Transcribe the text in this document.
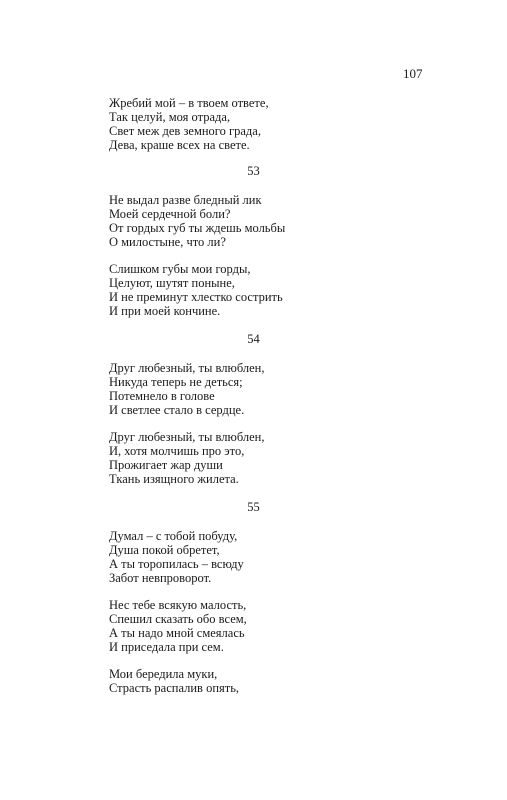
107
Жребий мой – в твоем ответе,
Так целуй, моя отрада,
Свет меж дев земного града,
Дева, краше всех на свете.
53
Не выдал разве бледный лик
Моей сердечной боли?
От гордых губ ты ждешь мольбы
О милостыне, что ли?
Слишком губы мои горды,
Целуют, шутят поныне,
И не преминут хлестко сострить
И при моей кончине.
54
Друг любезный, ты влюблен,
Никуда теперь не деться;
Потемнело в голове
И светлее стало в сердце.
Друг любезный, ты влюблен,
И, хотя молчишь про это,
Прожигает жар души
Ткань изящного жилета.
55
Думал – с тобой побуду,
Душа покой обретет,
А ты торопилась – всюду
Забот невпроворот.
Нес тебе всякую малость,
Спешил сказать обо всем,
А ты надо мной смеялась
И приседала при сем.
Мои бередила муки,
Страсть распалив опять,
